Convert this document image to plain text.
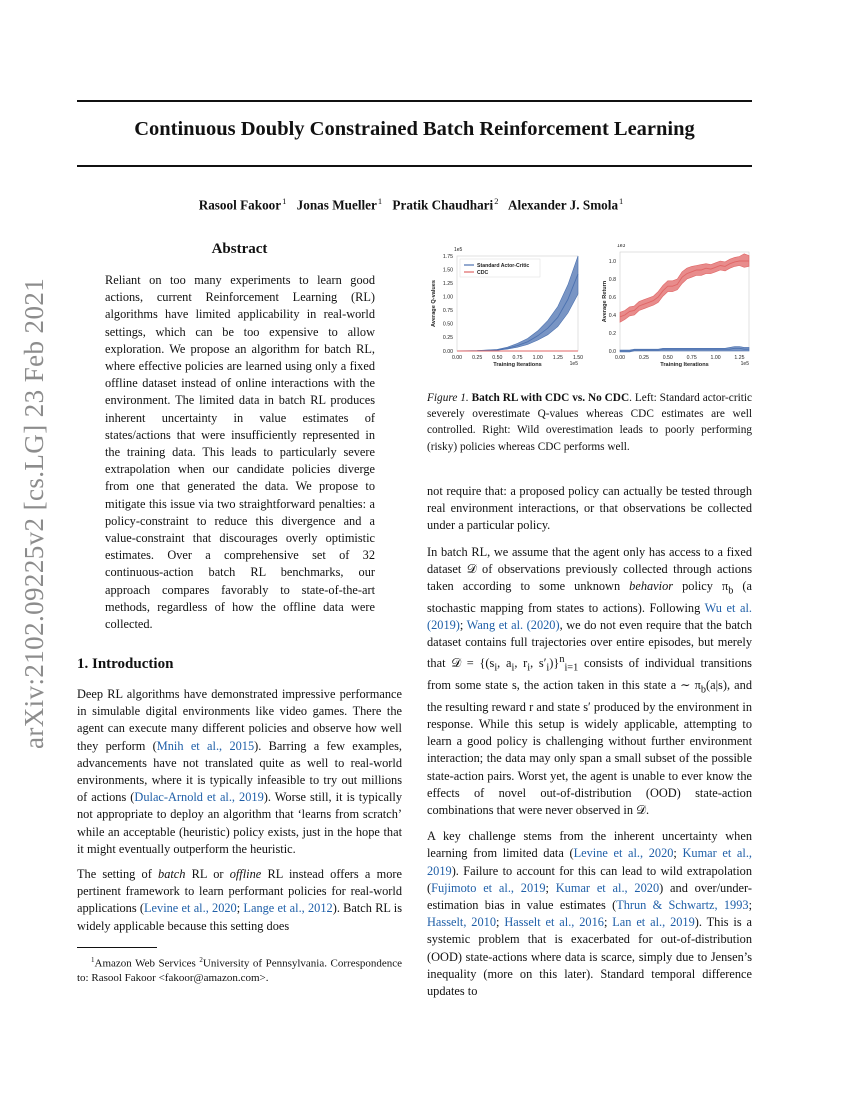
Continuous Doubly Constrained Batch Reinforcement Learning
Rasool Fakoor$^1$ Jonas Mueller$^1$ Pratik Chaudhari$^2$ Alexander J. Smola$^1$
arXiv:2102.09225v2 [cs.LG] 23 Feb 2021
Abstract

Reliant on too many experiments to learn good actions, current Reinforcement Learning (RL) algorithms have limited applicability in real-world settings, which can be too expensive to allow exploration. We propose an algorithm for batch RL, where effective policies are learned using only a fixed offline dataset instead of online interactions with the environment. The limited data in batch RL produces inherent uncertainty in value estimates of states/actions that were insufficiently represented in the training data. This leads to particularly severe extrapolation when our candidate policies diverge from one that generated the data. We propose to mitigate this issue via two straightforward penalties: a policy-constraint to reduce this divergence and a value-constraint that discourages overly optimistic estimates. Over a comprehensive set of 32 continuous-action batch RL benchmarks, our approach compares favorably to state-of-the-art methods, regardless of how the offline data were collected.

1. Introduction

Deep RL algorithms have demonstrated impressive performance in simulable digital environments like video games. There the agent can execute many different policies and observe how well they perform (Mnih et al., 2015). Barring a few examples, advancements have not translated quite as well to real-world environments, where it is typically infeasible to try out millions of actions (Dulac-Arnold et al., 2019). Worse still, it is typically not appropriate to deploy an algorithm that ‘learns from scratch’ while an acceptable (heuristic) policy exists, just in the hope that it might eventually outperform the heuristic.

The setting of batch RL or offline RL instead offers a more pertinent framework to learn performant policies for real-world applications (Levine et al., 2020; Lange et al., 2012). Batch RL is widely applicable because this setting does

$^1$Amazon Web Services $^2$University of Pennsylvania. Correspondence to: Rasool Fakoor <fakoor@amazon.com>.
0.00 0.25 0.50 0.75 1.00 1.25 1.50
0.00
0.25
0.50
0.75
1.00
1.25
1.50
1.75
Training Iterations
Average Q-values
1e5
1e5
Standard Actor-Critic
CDC
0.00	0.25	0.50	0.75	1.00	1.25
0.0
0.2
0.4
0.6
0.8
1.0
Training Iterations
Average Return
1e3
1e5
Figure 1. Batch RL with CDC vs. No CDC. Left: Standard actor-critic severely overestimate Q-values whereas CDC estimates are well controlled. Right: Wild overestimation leads to poorly performing (risky) policies whereas CDC performs well.

not require that: a proposed policy can actually be tested through real environment interactions, or that observations be collected under a particular policy.

In batch RL, we assume that the agent only has access to a fixed dataset 𝒟 of observations previously collected through actions taken according to some unknown behavior policy $\pi_b$ (a stochastic mapping from states to actions). Following Wu et al. (2019); Wang et al. (2020), we do not even require that the batch dataset contains full trajectories over entire episodes, but merely that 𝒟 = {($s_i$, $a_i$, $r_i$, $s'_i)\}^n_{i=1}$ consists of individual transitions from some state s, the action taken in this state a ∼ $\pi_b(a|s)$, and the resulting reward r and state s′ produced by the environment in response. While this setup is widely applicable, attempting to learn a good policy is challenging without further environment interaction; the data may only span a small subset of the possible state-action pairs. Worst yet, the agent is unable to ever know the effects of novel out-of-distribution (OOD) state-action combinations that were never observed in 𝒟.

A key challenge stems from the inherent uncertainty when learning from limited data (Levine et al., 2020; Kumar et al., 2019). Failure to account for this can lead to wild extrapolation (Fujimoto et al., 2019; Kumar et al., 2020) and over/under-estimation bias in value estimates (Thrun & Schwartz, 1993; Hasselt, 2010; Hasselt et al., 2016; Lan et al., 2019). This is a systemic problem that is exacerbated for out-of-distribution (OOD) state-actions where data is scarce, simply due to Jensen’s inequality (more on this later). Standard temporal difference updates to
